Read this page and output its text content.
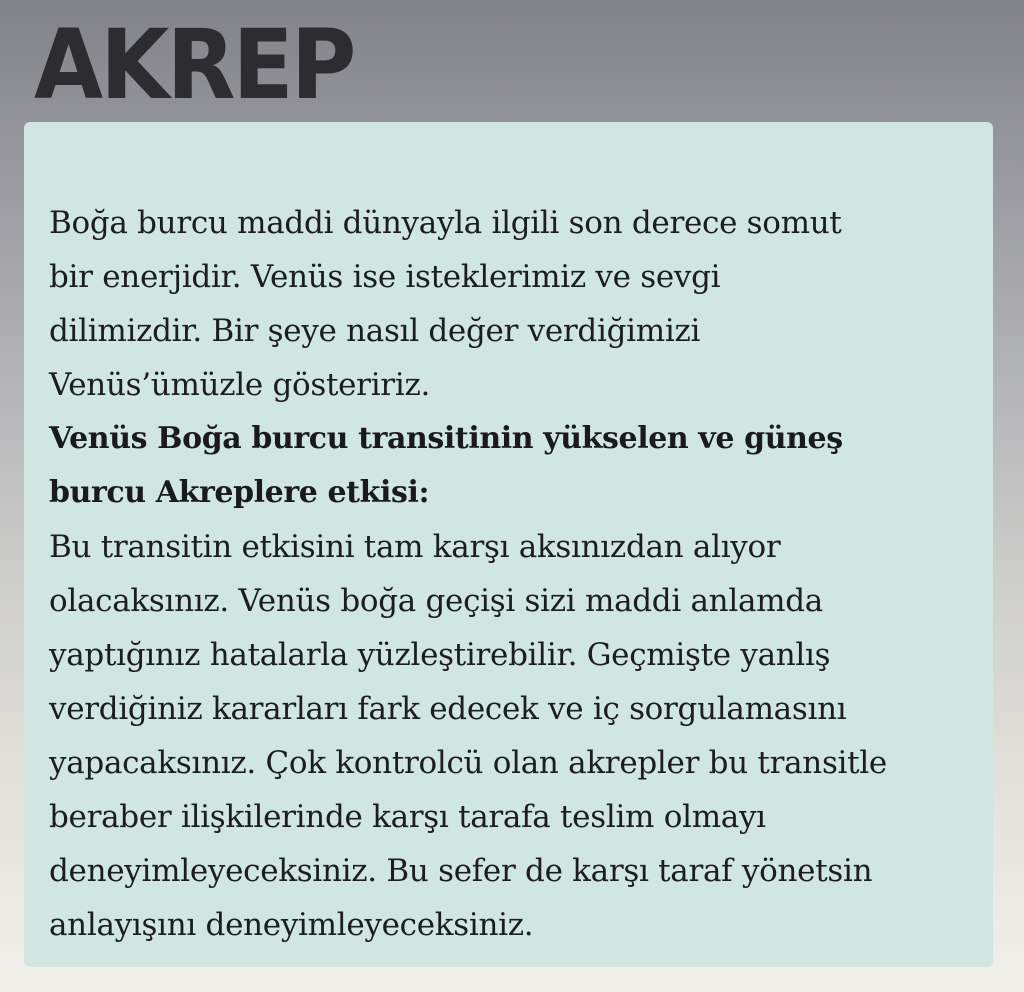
AKREP

Boğa burcu maddi dünyayla ilgili son derece somut
bir enerjidir. Venüs ise isteklerimiz ve sevgi
dilimizdir. Bir şeye nasıl değer verdiğimizi
Venüs’ümüzle gösteririz.

Venüs Boğa burcu transitinin yükselen ve güneş
burcu Akreplere etkisi:

Bu transitin etkisini tam karşı aksınızdan alıyor
olacaksınız. Venüs boğa geçişi sizi maddi anlamda
yaptığınız hatalarla yüzleştirebilir. Geçmişte yanlış
verdiğiniz kararları fark edecek ve iç sorgulamasını
yapacaksınız. Çok kontrolcü olan akrepler bu transitle
beraber ilişkilerinde karşı tarafa teslim olmayı
deneyimleyeceksiniz. Bu sefer de karşı taraf yönetsin
anlayışını deneyimleyeceksiniz.
